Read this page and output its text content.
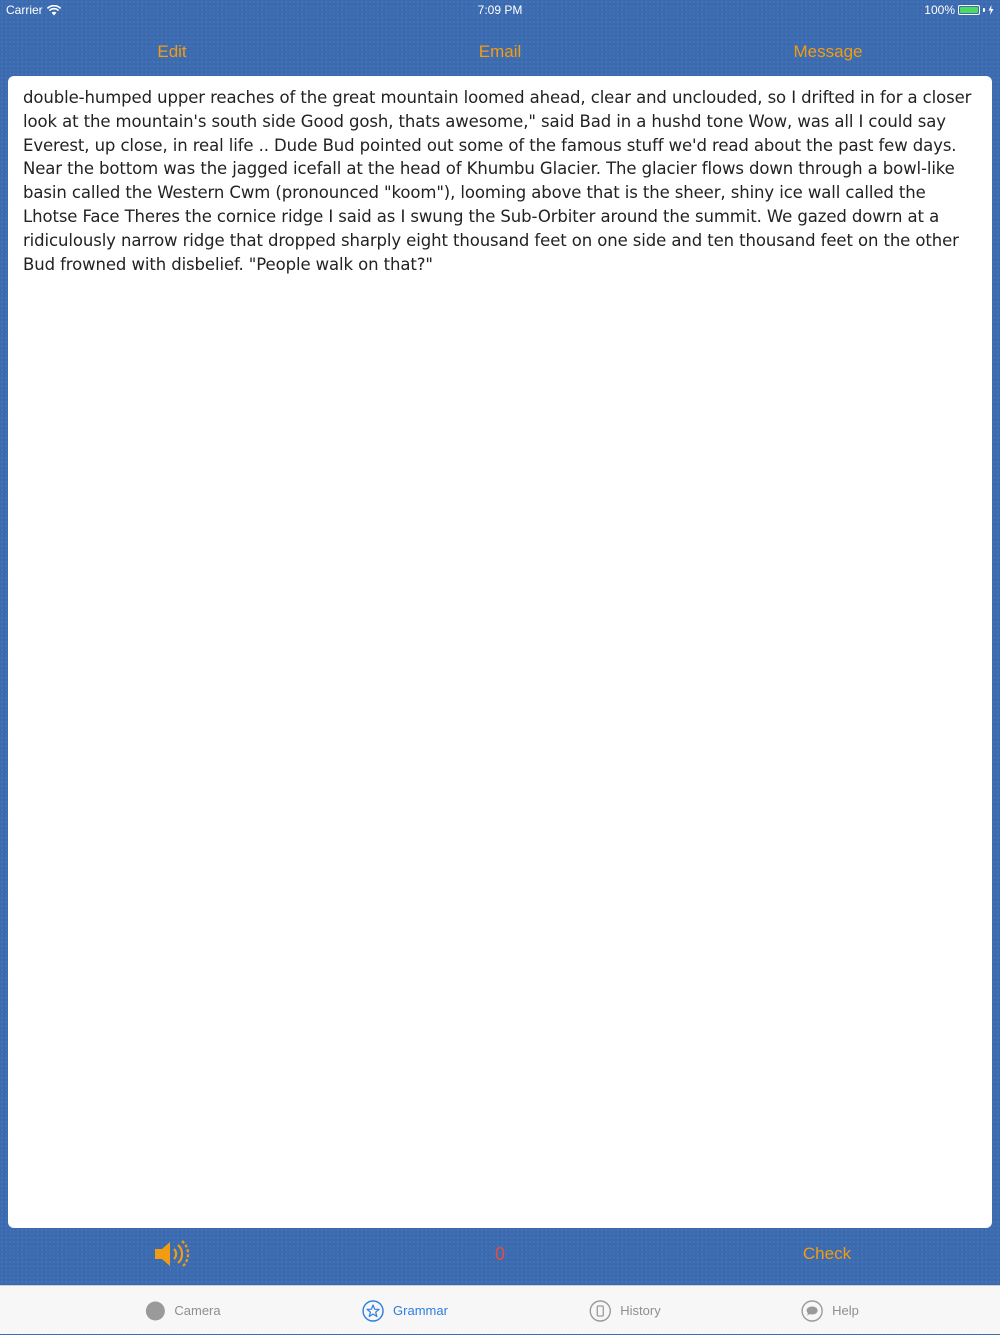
Carrier	7:09 PM	100%
Edit	Email	Message

double-humped upper reaches of the great mountain loomed ahead, clear and unclouded, so I drifted in for a closer look at the mountain's south side Good gosh, thats awesome," said Bad in a hushd tone Wow, was all I could say Everest, up close, in real life .. Dude Bud pointed out some of the famous stuff we'd read about the past few days. Near the bottom was the jagged icefall at the head of Khumbu Glacier. The glacier flows down through a bowl-like basin called the Western Cwm (pronounced "koom"), looming above that is the sheer, shiny ice wall called the Lhotse Face Theres the cornice ridge I said as I swung the Sub-Orbiter around the summit. We gazed dowrn at a ridiculously narrow ridge that dropped sharply eight thousand feet on one side and ten thousand feet on the other Bud frowned with disbelief. "People walk on that?"

0	Check
Camera	Grammar	History	Help
